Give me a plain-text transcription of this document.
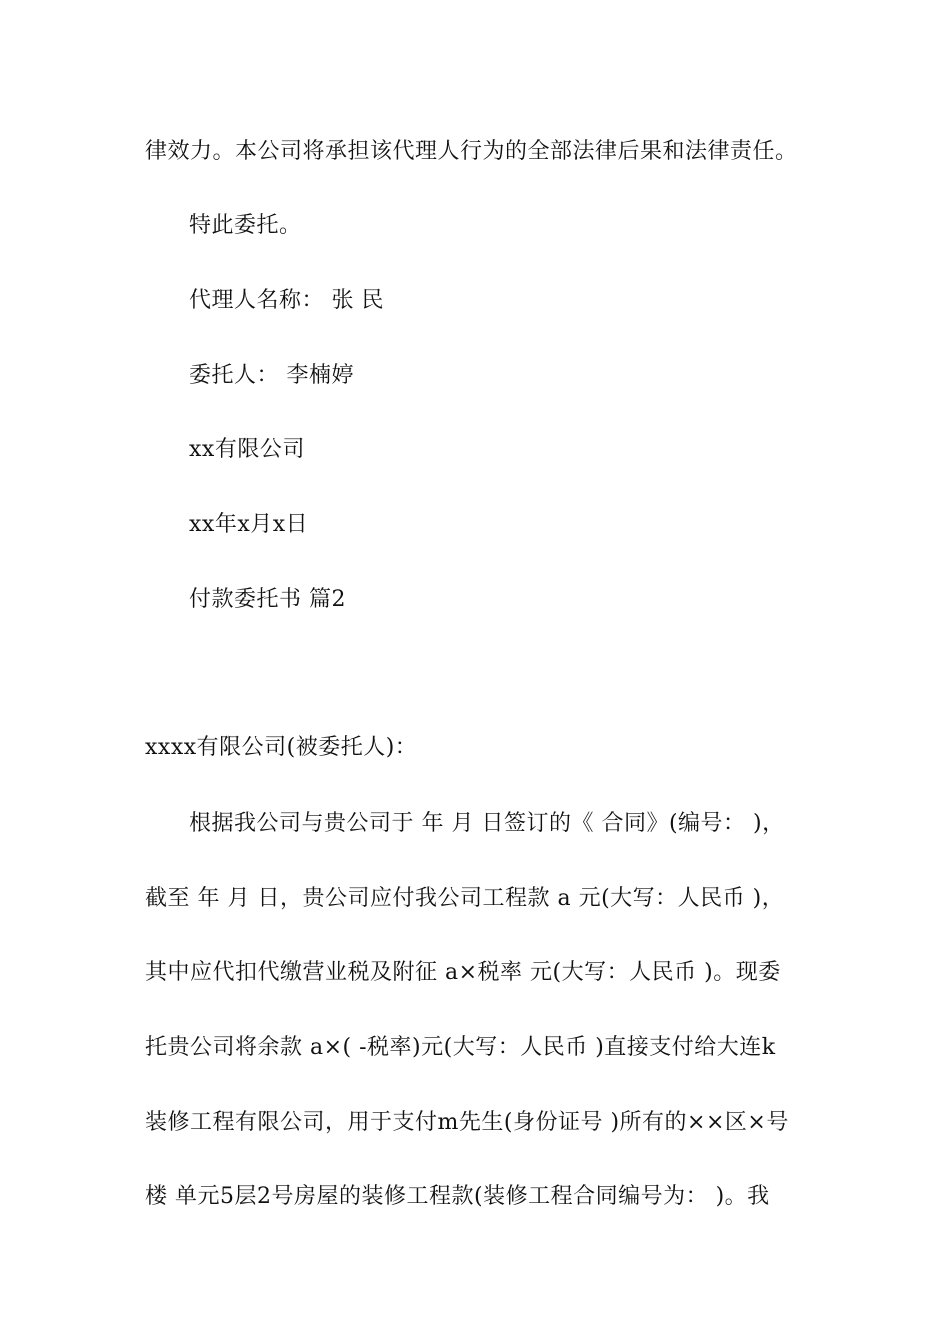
律效力。本公司将承担该代理人行为的全部法律后果和法律责任。
特此委托。
代理人名称： 张 民
委托人： 李楠婷
xx有限公司
xx年x月x日
付款委托书 篇2
xxxx有限公司(被委托人)：
根据我公司与贵公司于 年 月 日签订的《 合同》(编号： )，
截至 年 月 日，贵公司应付我公司工程款 a 元(大写：人民币 )，
其中应代扣代缴营业税及附征 a×税率 元(大写：人民币 )。现委
托贵公司将余款 a×( -税率)元(大写：人民币 )直接支付给大连k
装修工程有限公司，用于支付m先生(身份证号 )所有的××区×号
楼 单元5层2号房屋的装修工程款(装修工程合同编号为： )。我
